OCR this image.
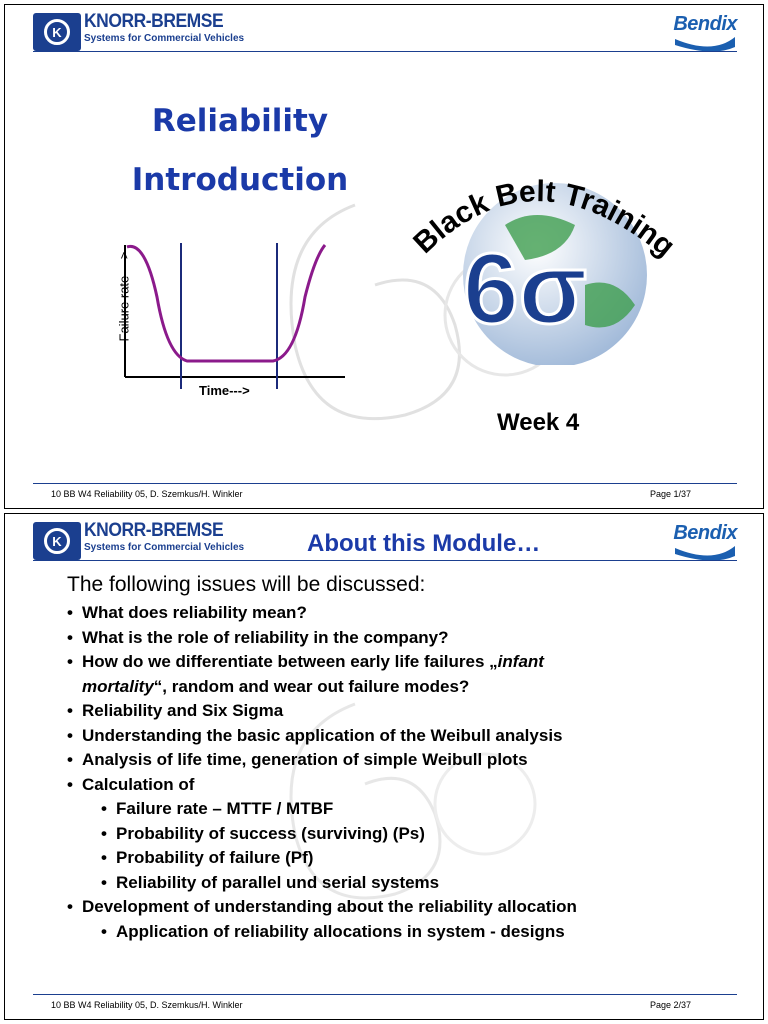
K	KNORR-BREMSE
Systems for Commercial Vehicles
Bendix
Reliability
Introduction
Failure rate --->
Time--->
Black Belt Training
6σ
Week 4
10 BB W4 Reliability 05, D. Szemkus/H. Winkler	Page 1/37
K	KNORR-BREMSE
Systems for Commercial Vehicles
Bendix
About this Module…
The following issues will be discussed:
• What does reliability mean?
• What is the role of reliability in the company?
• How do we differentiate between early life failures „infant
mortality“, random and wear out failure modes?
• Reliability and Six Sigma
• Understanding the basic application of the Weibull analysis
• Analysis of life time, generation of simple Weibull plots
• Calculation of
• Failure rate – MTTF / MTBF
• Probability of success (surviving) (Ps)
• Probability of failure (Pf)
• Reliability of parallel und serial systems
• Development of understanding about the reliability allocation
• Application of reliability allocations in system - designs
10 BB W4 Reliability 05, D. Szemkus/H. Winkler	Page 2/37
